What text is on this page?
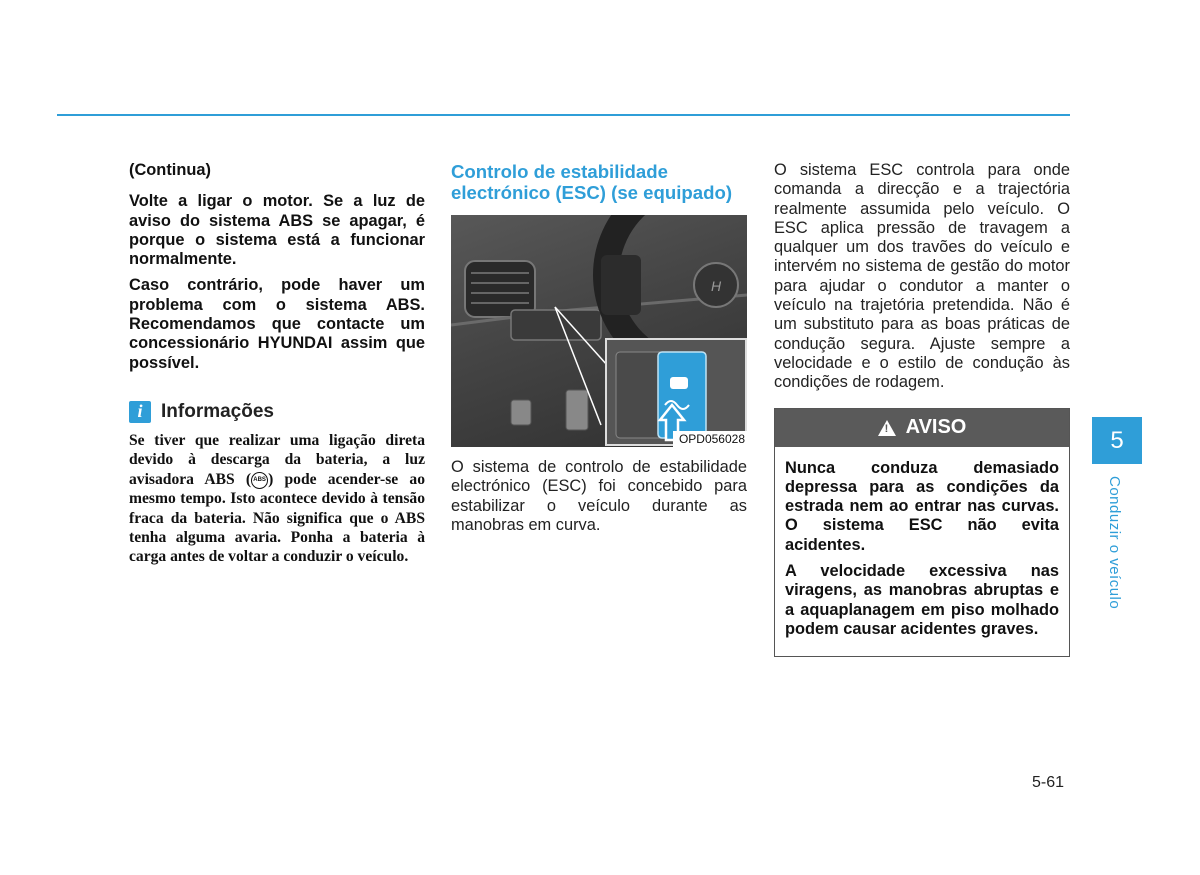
(Continua)

Volte a ligar o motor. Se a luz de aviso do sistema ABS se apagar, é porque o sistema está a funcionar normalmente.

Caso contrário, pode haver um problema com o sistema ABS. Recomendamos que contacte um concessionário HYUNDAI assim que possível.

i Informações

Se tiver que realizar uma ligação direta devido à descarga da bateria, a luz avisadora ABS ( ABS ) pode acender-se ao mesmo tempo. Isto acontece devido à tensão fraca da bateria. Não significa que o ABS tenha alguma avaria. Ponha a bateria à carga antes de voltar a conduzir o veículo.

Controlo de estabilidade electrónico (ESC) (se equipado)
H
OPD056028

O sistema de controlo de estabilidade electrónico (ESC) foi concebido para estabilizar o veículo durante as manobras em curva.

O sistema ESC controla para onde comanda a direcção e a trajectória realmente assumida pelo veículo. O ESC aplica pressão de travagem a qualquer um dos travões do veículo e intervém no sistema de gestão do motor para ajudar o condutor a manter o veículo na trajetória pretendida. Não é um substituto para as boas práticas de condução segura. Ajuste sempre a velocidade e o estilo de condução às condições de rodagem.

! AVISO

Nunca conduza demasiado depressa para as condições da estrada nem ao entrar nas curvas. O sistema ESC não evita acidentes.

A velocidade excessiva nas viragens, as manobras abruptas e a aquaplanagem em piso molhado podem causar acidentes graves.

5
Conduzir o veículo
5-61
